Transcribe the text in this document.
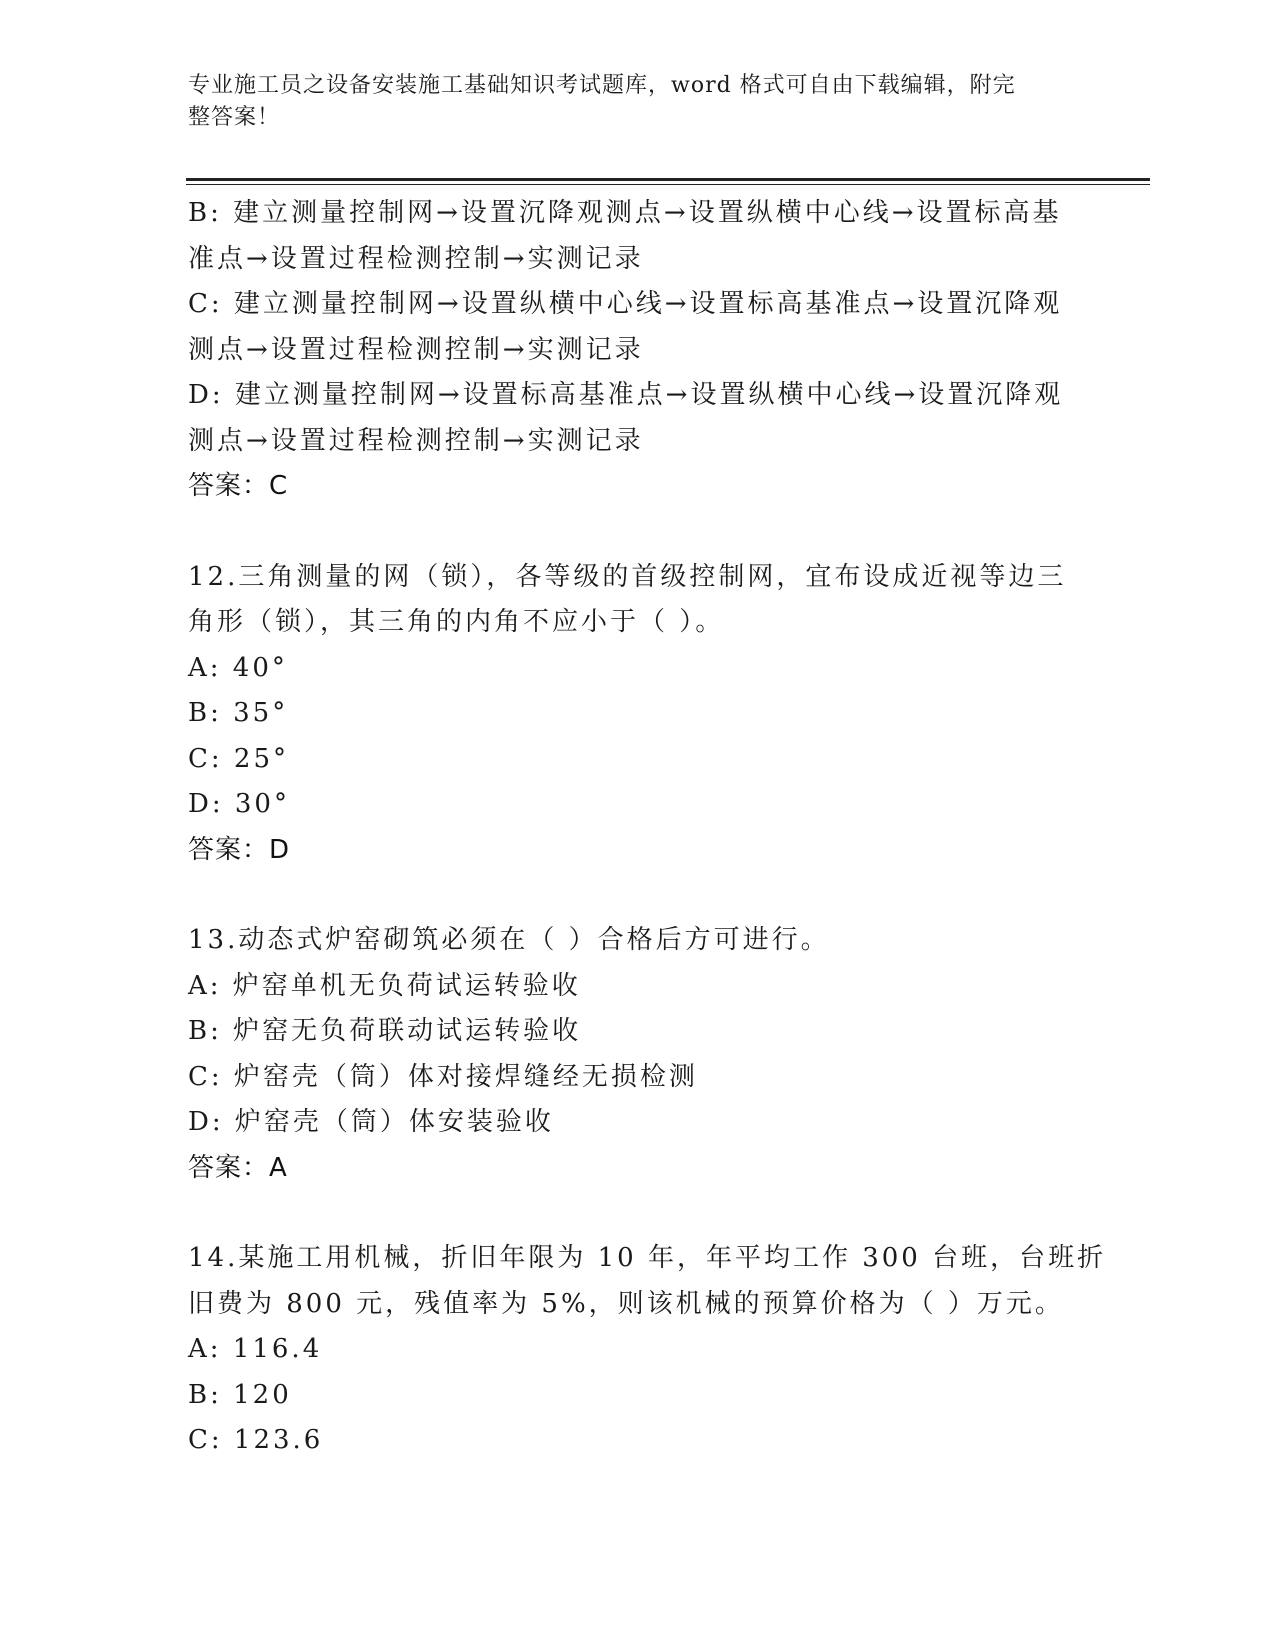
专业施工员之设备安装施工基础知识考试题库，word 格式可自由下载编辑，附完
整答案！
B: 建立测量控制网→设置沉降观测点→设置纵横中心线→设置标高基
准点→设置过程检测控制→实测记录
C: 建立测量控制网→设置纵横中心线→设置标高基准点→设置沉降观
测点→设置过程检测控制→实测记录
D: 建立测量控制网→设置标高基准点→设置纵横中心线→设置沉降观
测点→设置过程检测控制→实测记录
答案：C
12.三角测量的网（锁），各等级的首级控制网，宜布设成近视等边三
角形（锁），其三角的内角不应小于（ ）。
A: 40°
B: 35°
C: 25°
D: 30°
答案：D
13.动态式炉窑砌筑必须在（ ）合格后方可进行。
A: 炉窑单机无负荷试运转验收
B: 炉窑无负荷联动试运转验收
C: 炉窑壳（筒）体对接焊缝经无损检测
D: 炉窑壳（筒）体安装验收
答案：A
14.某施工用机械，折旧年限为 10 年，年平均工作 300 台班，台班折
旧费为 800 元，残值率为 5%，则该机械的预算价格为（ ）万元。
A: 116.4
B: 120
C: 123.6
